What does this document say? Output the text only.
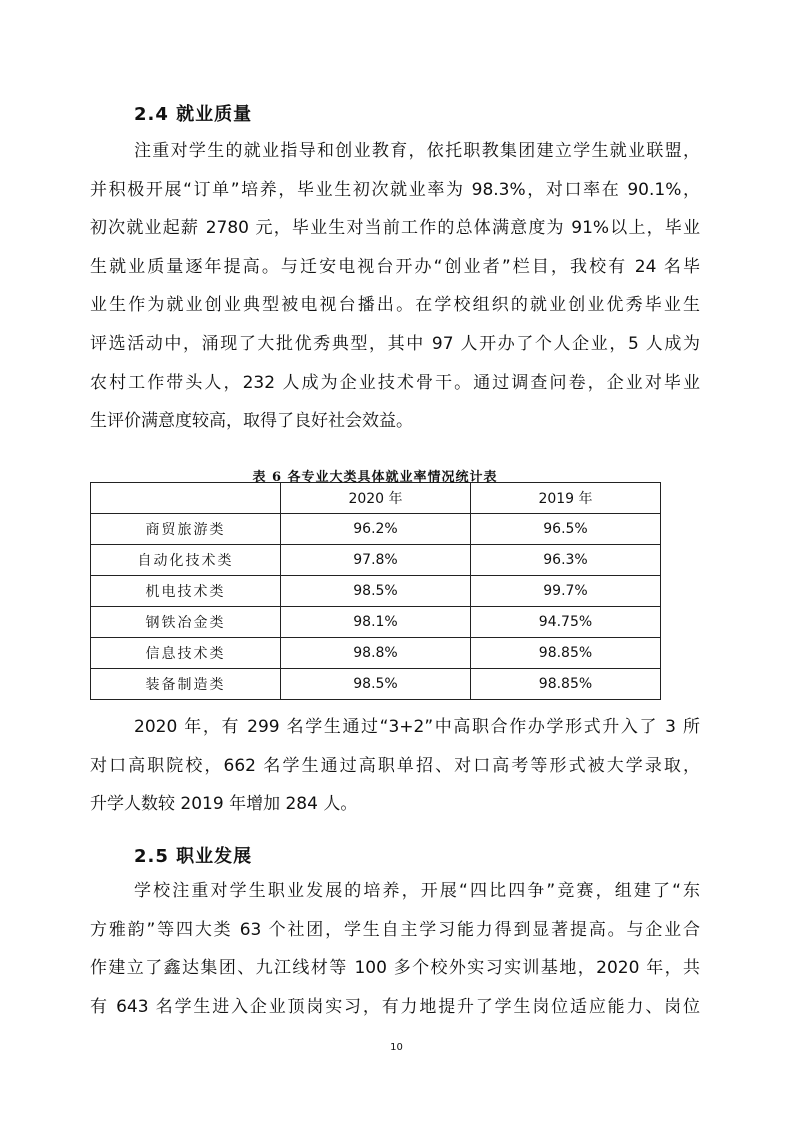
2.4 就业质量
注重对学生的就业指导和创业教育，依托职教集团建立学生就业联盟，
并积极开展“订单”培养，毕业生初次就业率为 98.3%，对口率在 90.1%，
初次就业起薪 2780 元，毕业生对当前工作的总体满意度为 91%以上，毕业
生就业质量逐年提高。与迁安电视台开办“创业者”栏目，我校有 24 名毕
业生作为就业创业典型被电视台播出。在学校组织的就业创业优秀毕业生
评选活动中，涌现了大批优秀典型，其中 97 人开办了个人企业，5 人成为
农村工作带头人，232 人成为企业技术骨干。通过调查问卷，企业对毕业
生评价满意度较高，取得了良好社会效益。
表 6 各专业大类具体就业率情况统计表
	2020 年	2019 年
商贸旅游类	96.2%	96.5%
自动化技术类	97.8%	96.3%
机电技术类	98.5%	99.7%
钢铁冶金类	98.1%	94.75%
信息技术类	98.8%	98.85%
装备制造类	98.5%	98.85%
2020 年，有 299 名学生通过“3+2”中高职合作办学形式升入了 3 所
对口高职院校，662 名学生通过高职单招、对口高考等形式被大学录取，
升学人数较 2019 年增加 284 人。
2.5 职业发展
学校注重对学生职业发展的培养，开展“四比四争”竞赛，组建了“东
方雅韵”等四大类 63 个社团，学生自主学习能力得到显著提高。与企业合
作建立了鑫达集团、九江线材等 100 多个校外实习实训基地，2020 年，共
有 643 名学生进入企业顶岗实习，有力地提升了学生岗位适应能力、岗位
10
